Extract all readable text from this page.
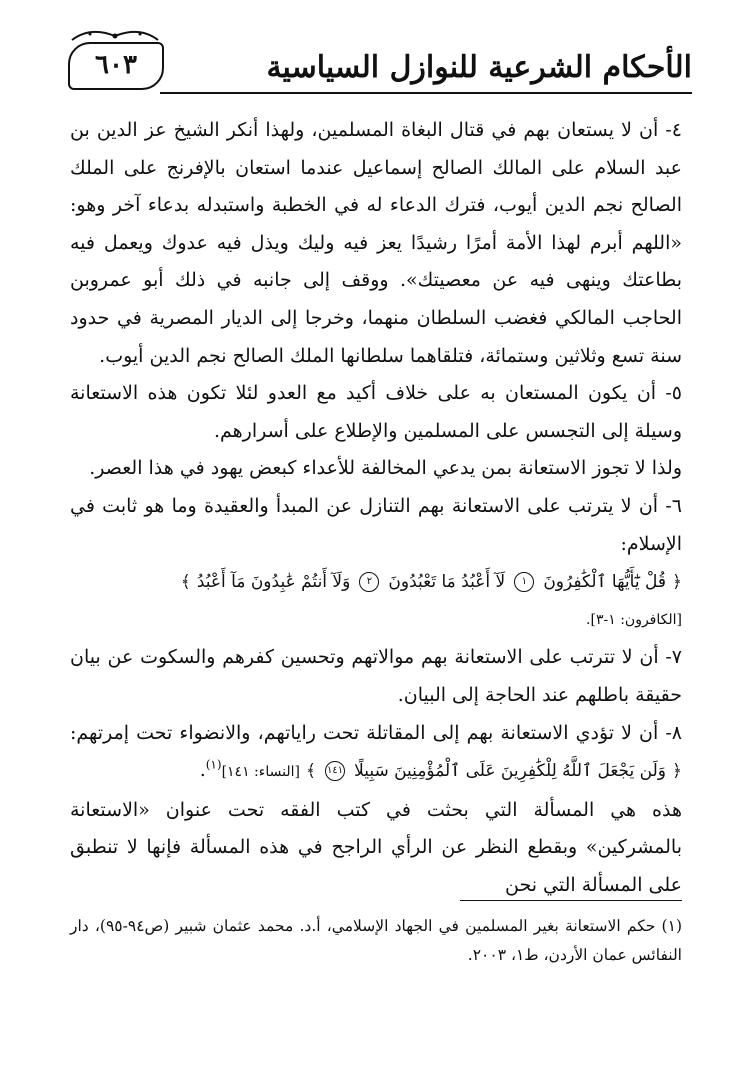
٦٠٣	الأحكام الشرعية للنوازل السياسية

٤- أن لا يستعان بهم في قتال البغاة المسلمين، ولهذا أنكر الشيخ عز الدين بن عبد السلام على المالك الصالح إسماعيل عندما استعان بالإفرنج على الملك الصالح نجم الدين أيوب، فترك الدعاء له في الخطبة واستبدله بدعاء آخر وهو: «اللهم أبرم لهذا الأمة أمرًا رشيدًا يعز فيه وليك ويذل فيه عدوك ويعمل فيه بطاعتك وينهى فيه عن معصيتك». ووقف إلى جانبه في ذلك أبو عمروبن الحاجب المالكي فغضب السلطان منهما، وخرجا إلى الديار المصرية في حدود سنة تسع وثلاثين وستمائة، فتلقاهما سلطانها الملك الصالح نجم الدين أيوب.

٥- أن يكون المستعان به على خلاف أكيد مع العدو لئلا تكون هذه الاستعانة وسيلة إلى التجسس على المسلمين والإطلاع على أسرارهم.

ولذا لا تجوز الاستعانة بمن يدعي المخالفة للأعداء كبعض يهود في هذا العصر.

٦- أن لا يترتب على الاستعانة بهم التنازل عن المبدأ والعقيدة وما هو ثابت في الإسلام:

﴿ قُلْ يَٰٓأَيُّهَا ٱلْكَٰفِرُونَ ١ لَآ أَعْبُدُ مَا تَعْبُدُونَ ٢ وَلَآ أَنتُمْ عَٰبِدُونَ مَآ أَعْبُدُ ﴾

[الكافرون: ١-٣].

٧- أن لا تترتب على الاستعانة بهم موالاتهم وتحسين كفرهم والسكوت عن بيان حقيقة باطلهم عند الحاجة إلى البيان.

٨- أن لا تؤدي الاستعانة بهم إلى المقاتلة تحت راياتهم، والانضواء تحت إمرتهم: ﴿ وَلَن يَجْعَلَ ٱللَّهُ لِلْكَٰفِرِينَ عَلَى ٱلْمُؤْمِنِينَ سَبِيلًا ١٤١ ﴾ [النساء: ١٤١]$^{(١)}$.

هذه هي المسألة التي بحثت في كتب الفقه تحت عنوان «الاستعانة بالمشركين» وبقطع النظر عن الرأي الراجح في هذه المسألة فإنها لا تنطبق على المسألة التي نحن

(١) حكم الاستعانة بغير المسلمين في الجهاد الإسلامي، أ.د. محمد عثمان شبير (ص٩٤-٩٥)، دار النفائس عمان الأردن، ط١، ٢٠٠٣.
